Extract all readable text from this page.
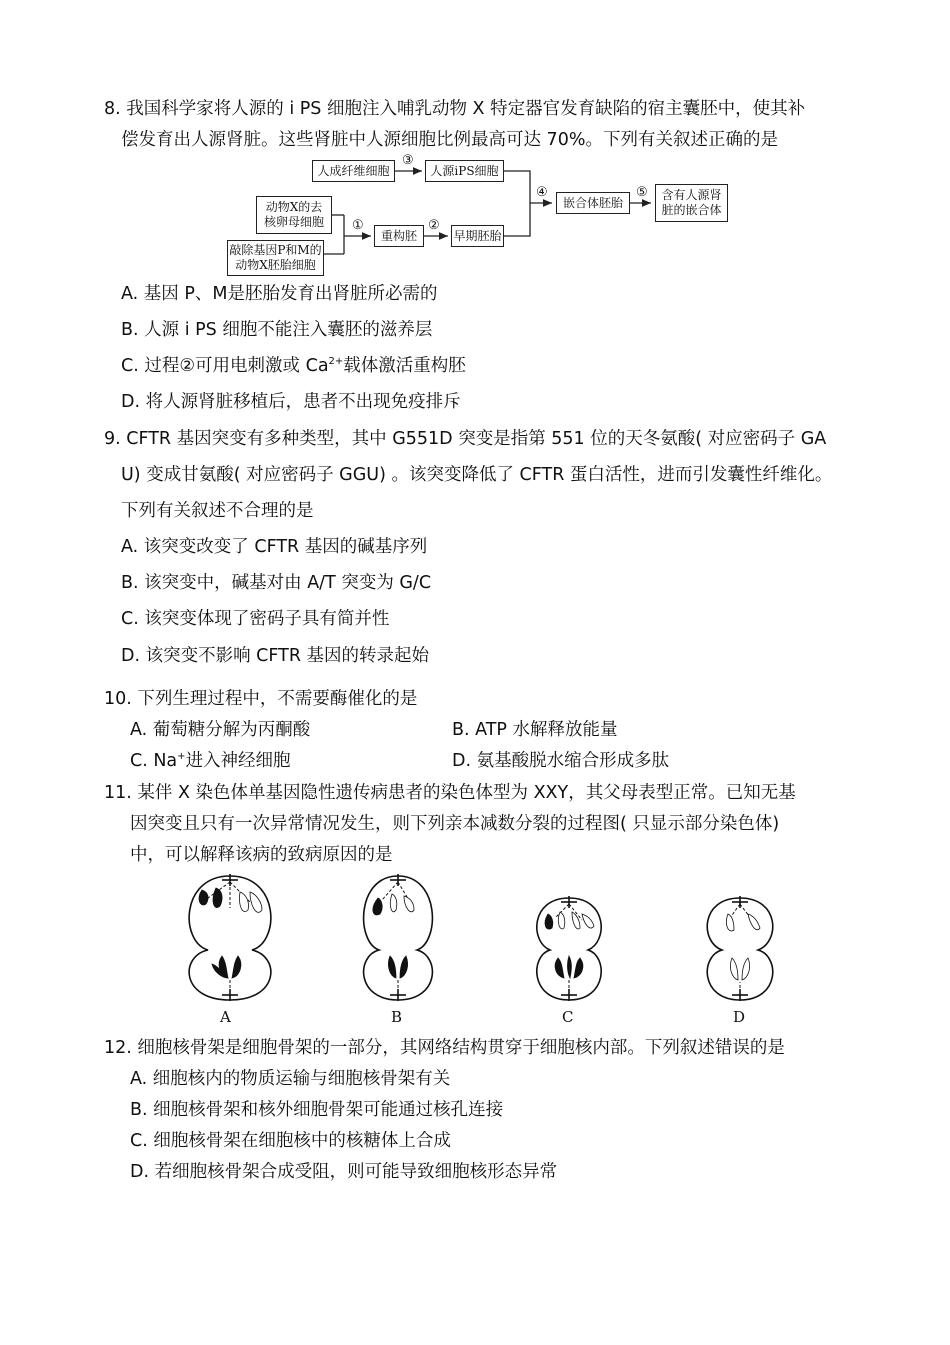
8. 我国科学家将人源的 i PS 细胞注入哺乳动物 X 特定器官发育缺陷的宿主囊胚中，使其补
偿发育出人源肾脏。这些肾脏中人源细胞比例最高可达 70%。下列有关叙述正确的是
人成纤维细胞	人源iPS细胞
动物X的去
核卵母细胞
敲除基因P和M的
动物X胚胎细胞
重构胚	早期胚胎
嵌合体胚胎
含有人源肾
脏的嵌合体
③
①	②
④	⑤
A. 基因 P、M是胚胎发育出肾脏所必需的
B. 人源 i PS 细胞不能注入囊胚的滋养层
C. 过程②可用电刺激或 $Ca^{2+}$载体激活重构胚
D. 将人源肾脏移植后，患者不出现免疫排斥
9. CFTR 基因突变有多种类型，其中 G551D 突变是指第 551 位的天冬氨酸( 对应密码子 GA
U) 变成甘氨酸( 对应密码子 GGU) 。该突变降低了 CFTR 蛋白活性，进而引发囊性纤维化。
下列有关叙述不合理的是
A. 该突变改变了 CFTR 基因的碱基序列
B. 该突变中，碱基对由 A/T 突变为 G/C
C. 该突变体现了密码子具有简并性
D. 该突变不影响 CFTR 基因的转录起始
10. 下列生理过程中，不需要酶催化的是
A. 葡萄糖分解为丙酮酸	B. ATP 水解释放能量
C. Na+进入神经细胞	D. 氨基酸脱水缩合形成多肽
11. 某伴 X 染色体单基因隐性遗传病患者的染色体型为 XXY，其父母表型正常。已知无基
因突变且只有一次异常情况发生，则下列亲本减数分裂的过程图( 只显示部分染色体)
中，可以解释该病的致病原因的是
A	B	C	D
12. 细胞核骨架是细胞骨架的一部分，其网络结构贯穿于细胞核内部。下列叙述错误的是
A. 细胞核内的物质运输与细胞核骨架有关
B. 细胞核骨架和核外细胞骨架可能通过核孔连接
C. 细胞核骨架在细胞核中的核糖体上合成
D. 若细胞核骨架合成受阻，则可能导致细胞核形态异常
